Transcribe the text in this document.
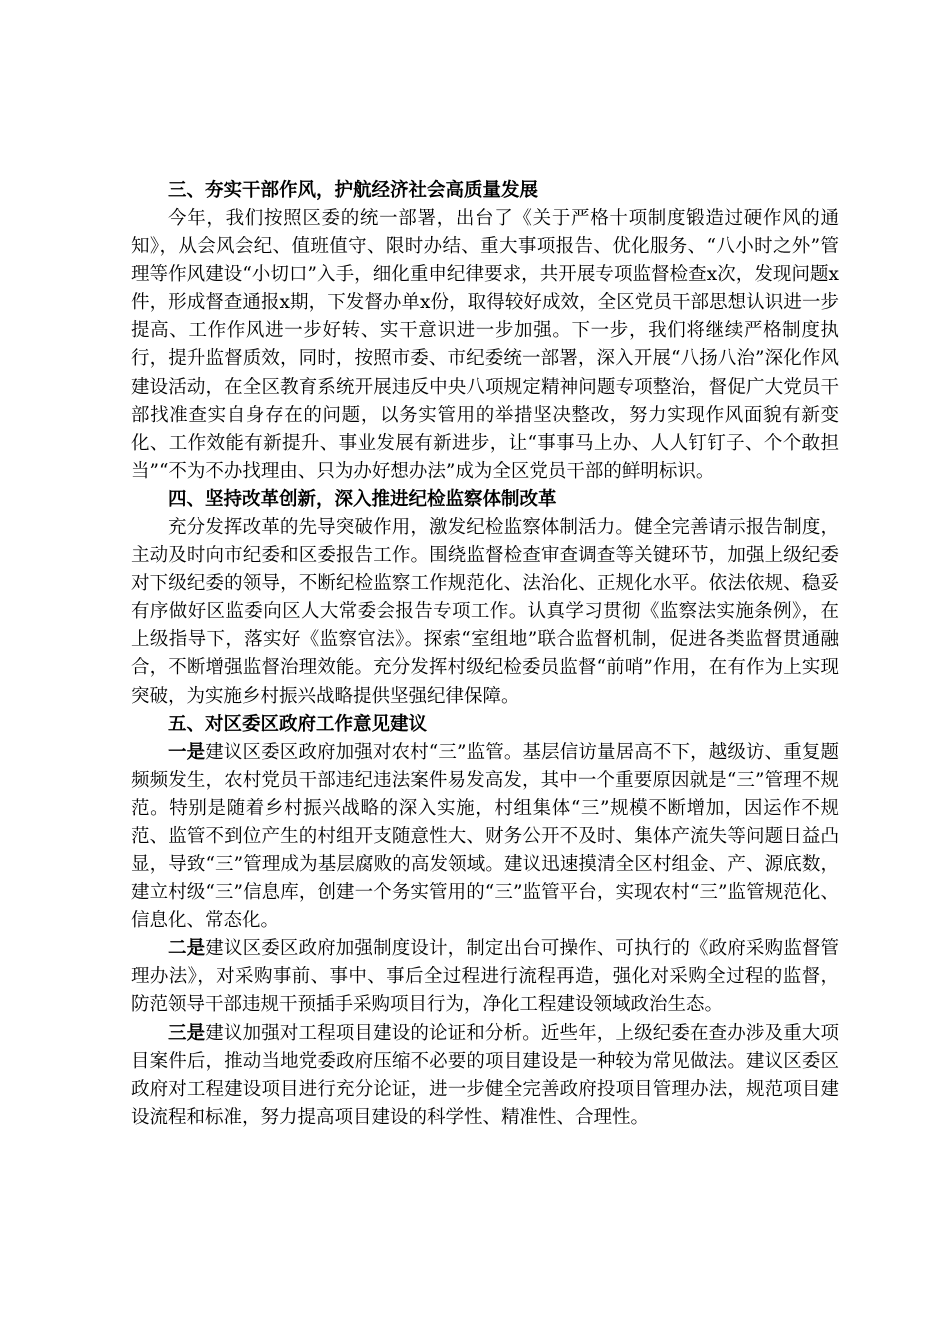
三、夯实干部作风，护航经济社会高质量发展

今年，我们按照区委的统一部署，出台了《关于严格十项制度锻造过硬作风的通知》，从会风会纪、值班值守、限时办结、重大事项报告、优化服务、“八小时之外”管理等作风建设“小切口”入手，细化重申纪律要求，共开展专项监督检查x次，发现问题x件，形成督查通报x期，下发督办单x份，取得较好成效，全区党员干部思想认识进一步提高、工作作风进一步好转、实干意识进一步加强。下一步，我们将继续严格制度执行，提升监督质效，同时，按照市委、市纪委统一部署，深入开展“八扬八治”深化作风建设活动，在全区教育系统开展违反中央八项规定精神问题专项整治，督促广大党员干部找准查实自身存在的问题，以务实管用的举措坚决整改，努力实现作风面貌有新变化、工作效能有新提升、事业发展有新进步，让“事事马上办、人人钉钉子、个个敢担当”“不为不办找理由、只为办好想办法”成为全区党员干部的鲜明标识。

四、坚持改革创新，深入推进纪检监察体制改革

充分发挥改革的先导突破作用，激发纪检监察体制活力。健全完善请示报告制度，主动及时向市纪委和区委报告工作。围绕监督检查审查调查等关键环节，加强上级纪委对下级纪委的领导，不断纪检监察工作规范化、法治化、正规化水平。依法依规、稳妥有序做好区监委向区人大常委会报告专项工作。认真学习贯彻《监察法实施条例》，在上级指导下，落实好《监察官法》。探索“室组地”联合监督机制，促进各类监督贯通融合，不断增强监督治理效能。充分发挥村级纪检委员监督“前哨”作用，在有作为上实现突破，为实施乡村振兴战略提供坚强纪律保障。

五、对区委区政府工作意见建议

一是建议区委区政府加强对农村“三”监管。基层信访量居高不下，越级访、重复题频频发生，农村党员干部违纪违法案件易发高发，其中一个重要原因就是“三”管理不规范。特别是随着乡村振兴战略的深入实施，村组集体“三”规模不断增加，因运作不规范、监管不到位产生的村组开支随意性大、财务公开不及时、集体产流失等问题日益凸显，导致“三”管理成为基层腐败的高发领域。建议迅速摸清全区村组金、产、源底数，建立村级“三”信息库，创建一个务实管用的“三”监管平台，实现农村“三”监管规范化、信息化、常态化。

二是建议区委区政府加强制度设计，制定出台可操作、可执行的《政府采购监督管理办法》，对采购事前、事中、事后全过程进行流程再造，强化对采购全过程的监督，防范领导干部违规干预插手采购项目行为，净化工程建设领域政治生态。

三是建议加强对工程项目建设的论证和分析。近些年，上级纪委在查办涉及重大项目案件后，推动当地党委政府压缩不必要的项目建设是一种较为常见做法。建议区委区政府对工程建设项目进行充分论证，进一步健全完善政府投项目管理办法，规范项目建设流程和标准，努力提高项目建设的科学性、精准性、合理性。
